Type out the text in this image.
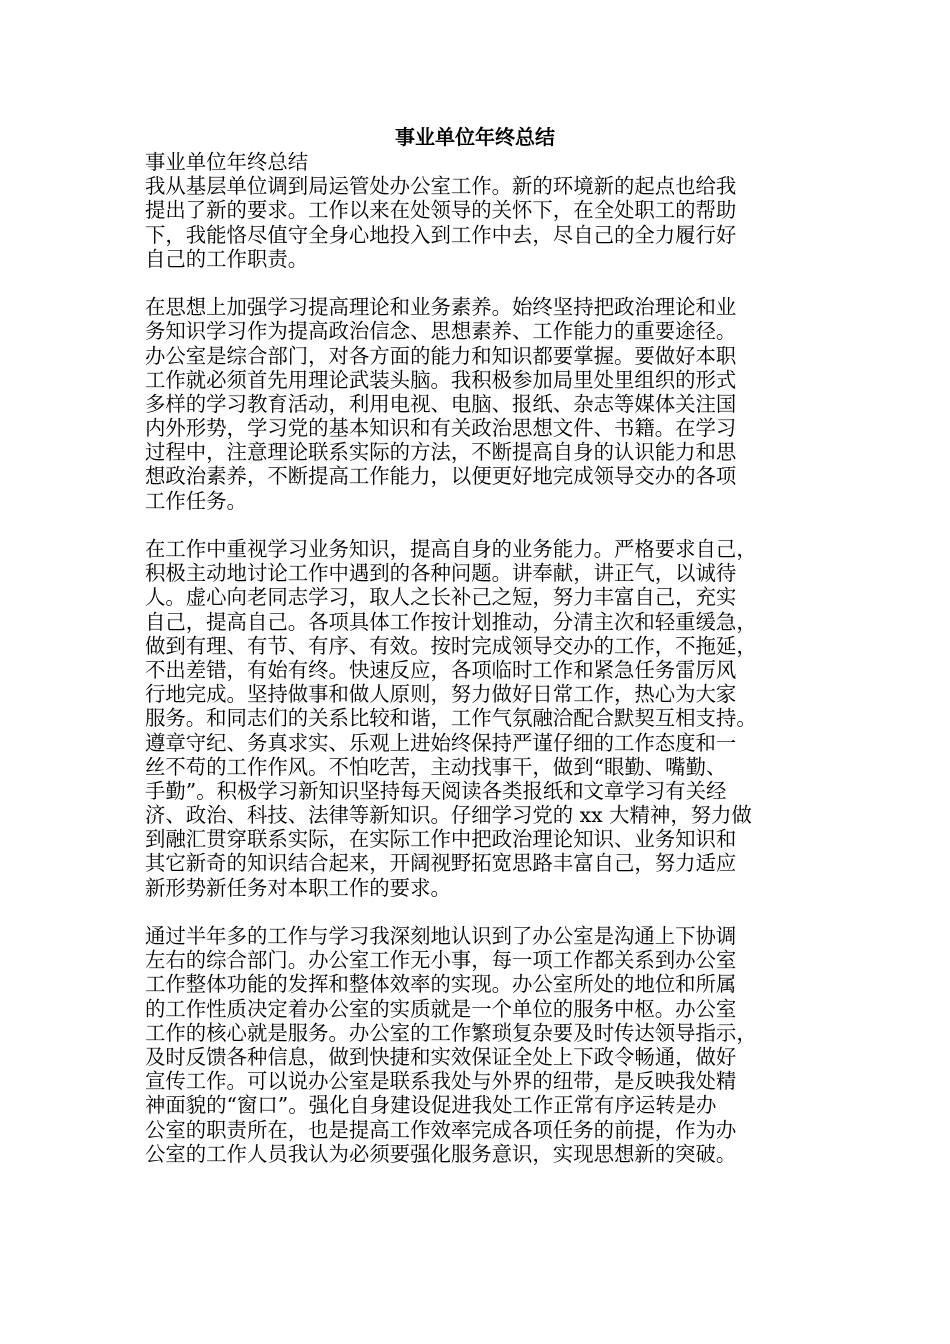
事业单位年终总结
事业单位年终总结
我从基层单位调到局运管处办公室工作。新的环境新的起点也给我
提出了新的要求。工作以来在处领导的关怀下，在全处职工的帮助
下，我能恪尽值守全身心地投入到工作中去，尽自己的全力履行好
自己的工作职责。
在思想上加强学习提高理论和业务素养。始终坚持把政治理论和业
务知识学习作为提高政治信念、思想素养、工作能力的重要途径。
办公室是综合部门，对各方面的能力和知识都要掌握。要做好本职
工作就必须首先用理论武装头脑。我积极参加局里处里组织的形式
多样的学习教育活动，利用电视、电脑、报纸、杂志等媒体关注国
内外形势，学习党的基本知识和有关政治思想文件、书籍。在学习
过程中，注意理论联系实际的方法，不断提高自身的认识能力和思
想政治素养，不断提高工作能力，以便更好地完成领导交办的各项
工作任务。
在工作中重视学习业务知识，提高自身的业务能力。严格要求自己，
积极主动地讨论工作中遇到的各种问题。讲奉献，讲正气，以诚待
人。虚心向老同志学习，取人之长补己之短，努力丰富自己，充实
自己，提高自己。各项具体工作按计划推动，分清主次和轻重缓急，
做到有理、有节、有序、有效。按时完成领导交办的工作，不拖延，
不出差错，有始有终。快速反应，各项临时工作和紧急任务雷厉风
行地完成。坚持做事和做人原则，努力做好日常工作，热心为大家
服务。和同志们的关系比较和谐，工作气氛融洽配合默契互相支持。
遵章守纪、务真求实、乐观上进始终保持严谨仔细的工作态度和一
丝不苟的工作作风。不怕吃苦，主动找事干，做到“眼勤、嘴勤、
手勤”。积极学习新知识坚持每天阅读各类报纸和文章学习有关经
济、政治、科技、法律等新知识。仔细学习党的 xx 大精神，努力做
到融汇贯穿联系实际，在实际工作中把政治理论知识、业务知识和
其它新奇的知识结合起来，开阔视野拓宽思路丰富自己，努力适应
新形势新任务对本职工作的要求。
通过半年多的工作与学习我深刻地认识到了办公室是沟通上下协调
左右的综合部门。办公室工作无小事，每一项工作都关系到办公室
工作整体功能的发挥和整体效率的实现。办公室所处的地位和所属
的工作性质决定着办公室的实质就是一个单位的服务中枢。办公室
工作的核心就是服务。办公室的工作繁琐复杂要及时传达领导指示，
及时反馈各种信息，做到快捷和实效保证全处上下政令畅通，做好
宣传工作。可以说办公室是联系我处与外界的纽带，是反映我处精
神面貌的“窗口”。强化自身建设促进我处工作正常有序运转是办
公室的职责所在，也是提高工作效率完成各项任务的前提，作为办
公室的工作人员我认为必须要强化服务意识，实现思想新的突破。
